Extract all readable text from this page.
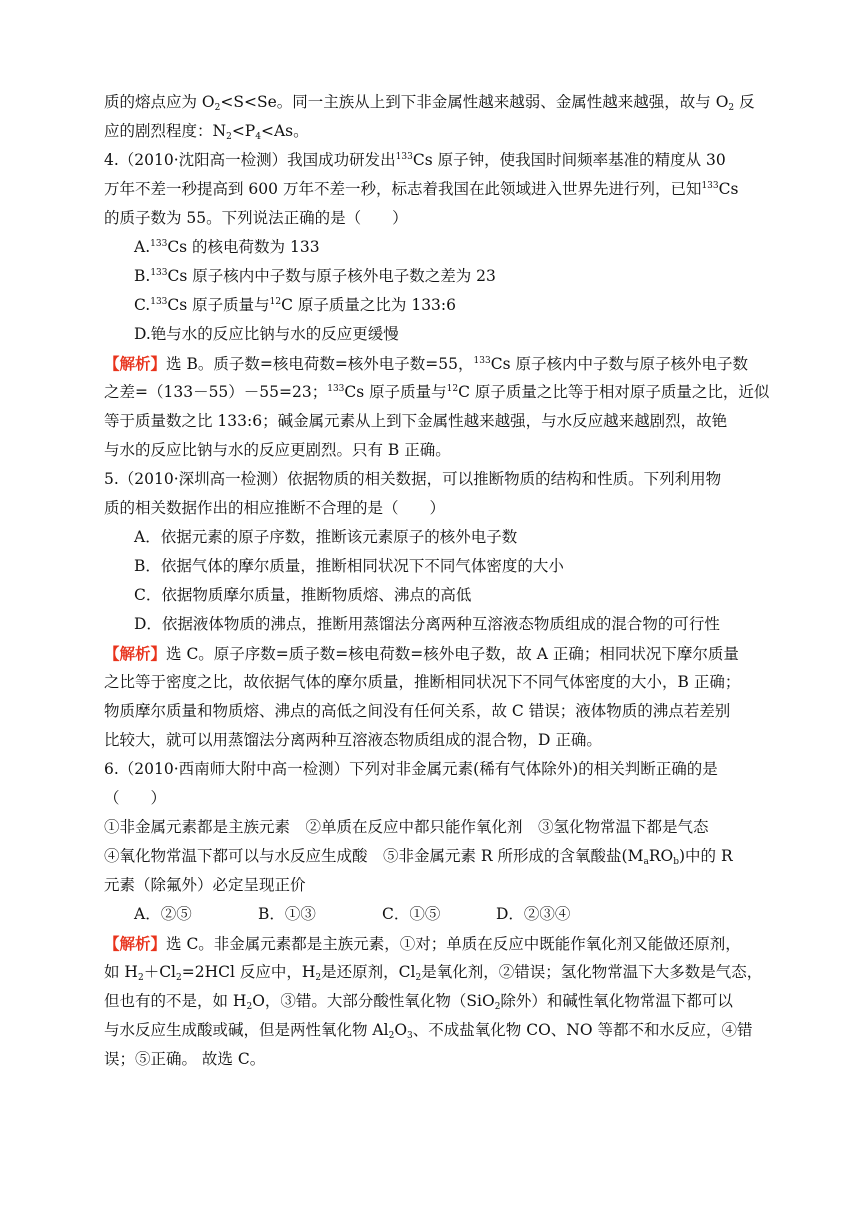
质的熔点应为 $O_2<S<Se$。同一主族从上到下非金属性越来越弱、金属性越来越强，故与 $O_2$ 反
应的剧烈程度：$N_2<P_4<As$。
4.（2010·沈阳高一检测）我国成功研发出$^{133}$Cs 原子钟，使我国时间频率基准的精度从 30
万年不差一秒提高到 600 万年不差一秒，标志着我国在此领域进入世界先进行列，已知$^{133}$Cs
的质子数为 55。下列说法正确的是（　　）
A.$^{133}$Cs 的核电荷数为 133
B.$^{133}$Cs 原子核内中子数与原子核外电子数之差为 23
C.$^{133}$Cs 原子质量与$^{12}$C 原子质量之比为 133:6
D.铯与水的反应比钠与水的反应更缓慢
【解析】选 B。质子数=核电荷数=核外电子数=55，$^{133}$Cs 原子核内中子数与原子核外电子数
之差=（133－55）－55=23；$^{133}$Cs 原子质量与$^{12}$C 原子质量之比等于相对原子质量之比，近似
等于质量数之比 133:6；碱金属元素从上到下金属性越来越强，与水反应越来越剧烈，故铯
与水的反应比钠与水的反应更剧烈。只有 B 正确。
5.（2010·深圳高一检测）依据物质的相关数据，可以推断物质的结构和性质。下列利用物
质的相关数据作出的相应推断不合理的是（　　）
A．依据元素的原子序数，推断该元素原子的核外电子数
B．依据气体的摩尔质量，推断相同状况下不同气体密度的大小
C．依据物质摩尔质量，推断物质熔、沸点的高低
D．依据液体物质的沸点，推断用蒸馏法分离两种互溶液态物质组成的混合物的可行性
【解析】选 C。原子序数=质子数=核电荷数=核外电子数，故 A 正确；相同状况下摩尔质量
之比等于密度之比，故依据气体的摩尔质量，推断相同状况下不同气体密度的大小，B 正确；
物质摩尔质量和物质熔、沸点的高低之间没有任何关系，故 C 错误；液体物质的沸点若差别
比较大，就可以用蒸馏法分离两种互溶液态物质组成的混合物，D 正确。
6.（2010·西南师大附中高一检测）下列对非金属元素(稀有气体除外)的相关判断正确的是
（　　）
①非金属元素都是主族元素　②单质在反应中都只能作氧化剂　③氢化物常温下都是气态
④氧化物常温下都可以与水反应生成酸　⑤非金属元素 R 所形成的含氧酸盐$(M_aRO_b)$中的 R
元素（除氟外）必定呈现正价
A．②⑤	B．①③	C．①⑤	D．②③④
【解析】选 C。非金属元素都是主族元素，①对；单质在反应中既能作氧化剂又能做还原剂，
如 $H_2+Cl_2=2HCl$ 反应中，$H_2$是还原剂，$Cl_2$是氧化剂，②错误；氢化物常温下大多数是气态，
但也有的不是，如 $H_2O$，③错。大部分酸性氧化物（SiO$_2$除外）和碱性氧化物常温下都可以
与水反应生成酸或碱，但是两性氧化物 $Al_2O_3$、不成盐氧化物 CO、NO 等都不和水反应，④错
误；⑤正确。 故选 C。
